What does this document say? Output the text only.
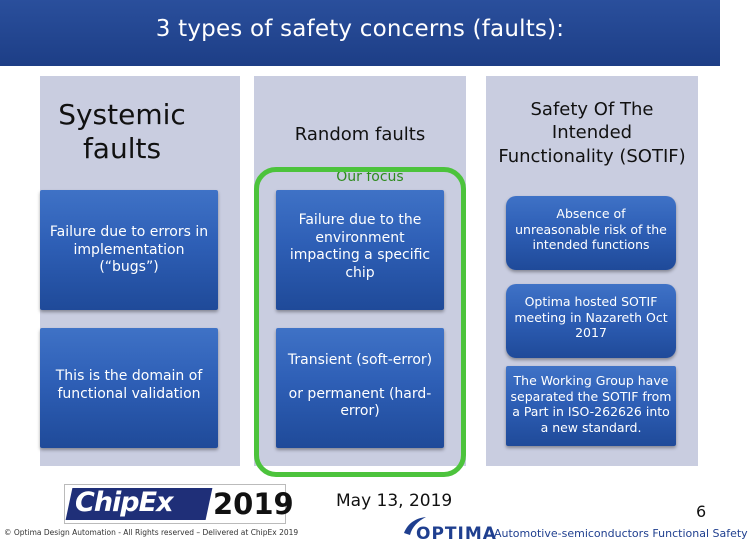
3 types of safety concerns (faults):
Systemic faults
Failure due to errors in implementation (“bugs”)
This is the domain of functional validation
Random faults
Our focus
Failure due to the environment impacting a specific chip
Transient (soft-error)
or permanent (hard-error)
Safety Of The Intended Functionality (SOTIF)
Absence of unreasonable risk of the intended functions
Optima hosted SOTIF meeting in Nazareth Oct 2017
The Working Group have separated the SOTIF from a Part in ISO-262626 into a new standard.
ChipEx 2019 May 13, 2019
6
© Optima Design Automation - All Rights reserved – Delivered at ChipEx 2019	OPTIMA
Automotive-semiconductors Functional Safety
